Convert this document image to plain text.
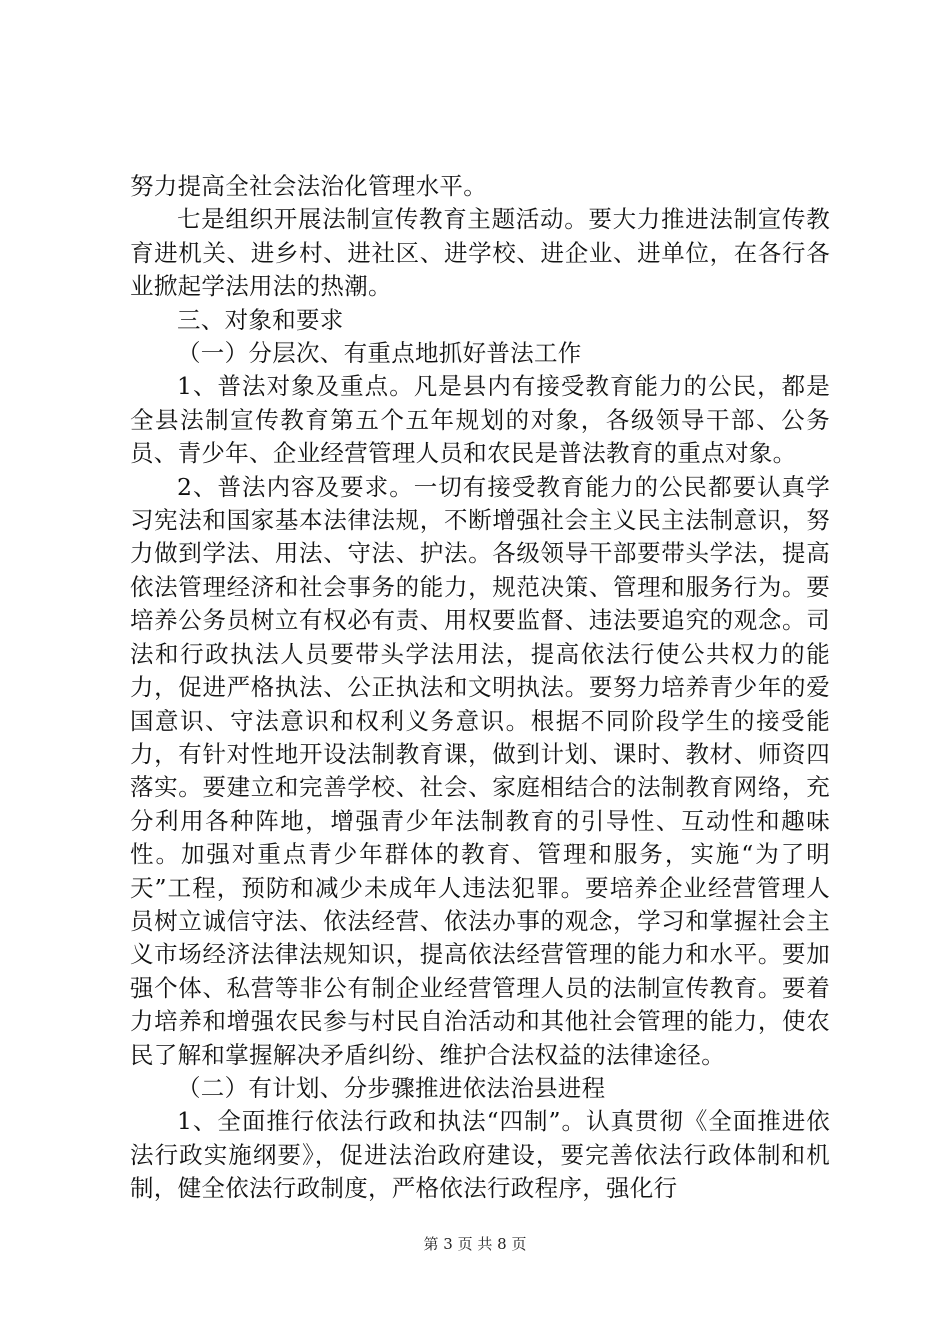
努力提高全社会法治化管理水平。

七是组织开展法制宣传教育主题活动。要大力推进法制宣传教育进机关、进乡村、进社区、进学校、进企业、进单位，在各行各业掀起学法用法的热潮。

三、对象和要求

（一）分层次、有重点地抓好普法工作

1、普法对象及重点。凡是县内有接受教育能力的公民，都是全县法制宣传教育第五个五年规划的对象，各级领导干部、公务员、青少年、企业经营管理人员和农民是普法教育的重点对象。

2、普法内容及要求。一切有接受教育能力的公民都要认真学习宪法和国家基本法律法规，不断增强社会主义民主法制意识，努力做到学法、用法、守法、护法。各级领导干部要带头学法，提高依法管理经济和社会事务的能力，规范决策、管理和服务行为。要培养公务员树立有权必有责、用权要监督、违法要追究的观念。司法和行政执法人员要带头学法用法，提高依法行使公共权力的能力，促进严格执法、公正执法和文明执法。要努力培养青少年的爱国意识、守法意识和权利义务意识。根据不同阶段学生的接受能力，有针对性地开设法制教育课，做到计划、课时、教材、师资四落实。要建立和完善学校、社会、家庭相结合的法制教育网络，充分利用各种阵地，增强青少年法制教育的引导性、互动性和趣味性。加强对重点青少年群体的教育、管理和服务，实施“为了明天”工程，预防和减少未成年人违法犯罪。要培养企业经营管理人员树立诚信守法、依法经营、依法办事的观念，学习和掌握社会主义市场经济法律法规知识，提高依法经营管理的能力和水平。要加强个体、私营等非公有制企业经营管理人员的法制宣传教育。要着力培养和增强农民参与村民自治活动和其他社会管理的能力，使农民了解和掌握解决矛盾纠纷、维护合法权益的法律途径。

（二）有计划、分步骤推进依法治县进程

1、全面推行依法行政和执法“四制”。认真贯彻《全面推进依法行政实施纲要》，促进法治政府建设，要完善依法行政体制和机制，健全依法行政制度，严格依法行政程序，强化行

第 3 页 共 8 页
